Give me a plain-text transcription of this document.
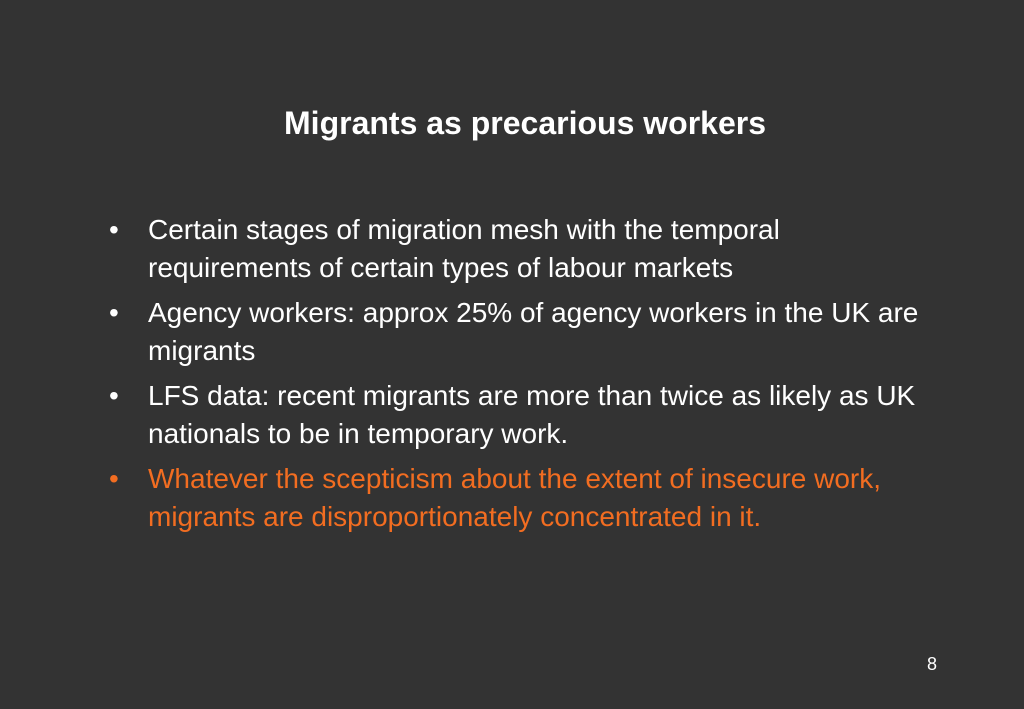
Migrants as precarious workers
• Certain stages of migration mesh with the temporal requirements of certain types of labour markets
• Agency workers: approx 25% of agency workers in the UK are migrants
• LFS data: recent migrants are more than twice as likely as UK nationals to be in temporary work.
• Whatever the scepticism about the extent of insecure work, migrants are disproportionately concentrated in it.
8
